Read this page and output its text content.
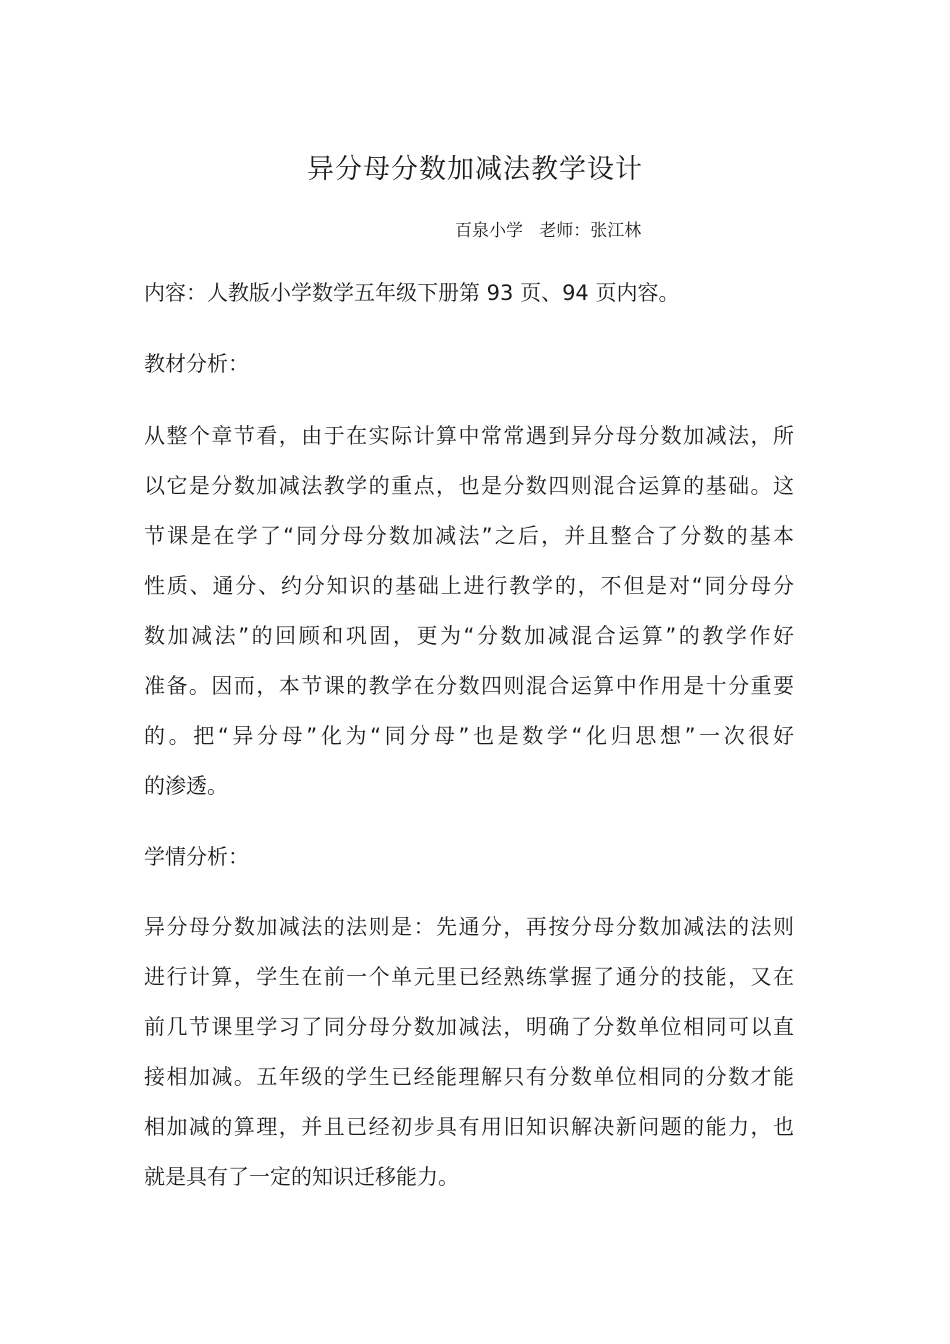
异分母分数加减法教学设计
百泉小学   老师：张江林
内容：人教版小学数学五年级下册第 93 页、94 页内容。
教材分析：
从整个章节看，由于在实际计算中常常遇到异分母分数加减法，所
以它是分数加减法教学的重点，也是分数四则混合运算的基础。这
节课是在学了“同分母分数加减法”之后，并且整合了分数的基本
性质、通分、约分知识的基础上进行教学的，不但是对“同分母分
数加减法”的回顾和巩固，更为“分数加减混合运算”的教学作好
准备。因而，本节课的教学在分数四则混合运算中作用是十分重要
的。把“异分母”化为“同分母”也是数学“化归思想”一次很好
的渗透。
学情分析：
异分母分数加减法的法则是：先通分，再按分母分数加减法的法则
进行计算，学生在前一个单元里已经熟练掌握了通分的技能，又在
前几节课里学习了同分母分数加减法，明确了分数单位相同可以直
接相加减。五年级的学生已经能理解只有分数单位相同的分数才能
相加减的算理，并且已经初步具有用旧知识解决新问题的能力，也
就是具有了一定的知识迁移能力。
